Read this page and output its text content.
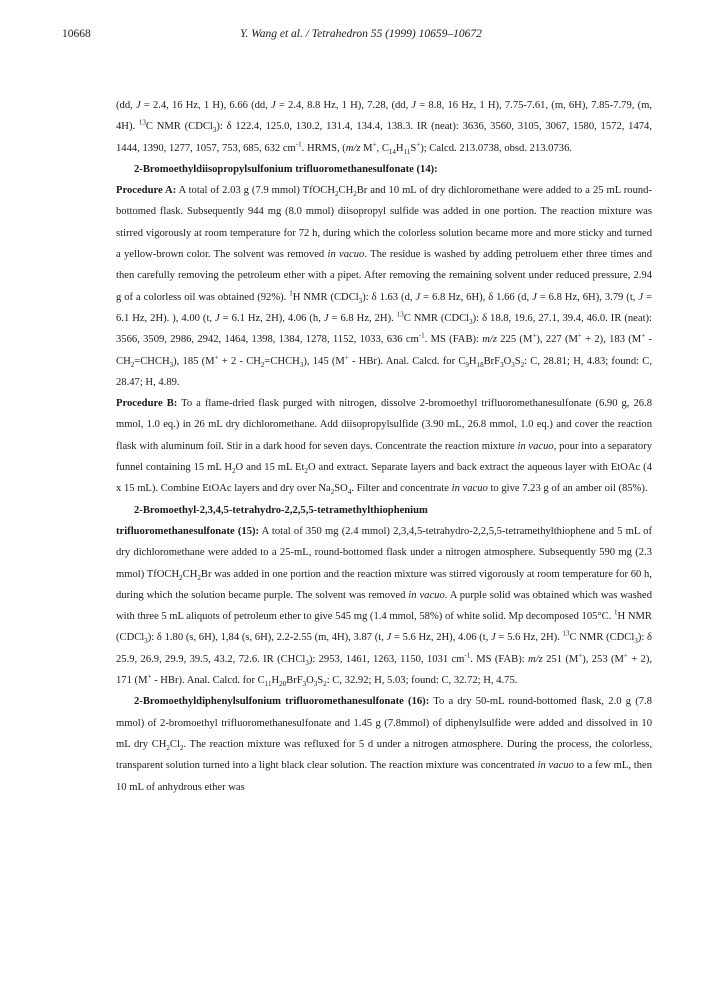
10668	Y. Wang et al. / Tetrahedron 55 (1999) 10659–10672

(dd, J = 2.4, 16 Hz, 1 H), 6.66 (dd, J = 2.4, 8.8 Hz, 1 H), 7.28, (dd, J = 8.8, 16 Hz, 1 H), 7.75-7.61, (m, 6H), 7.85-7.79, (m, 4H). $^{13}$C NMR (CDCl$_3$): δ 122.4, 125.0, 130.2, 131.4, 134.4, 138.3. IR (neat): 3636, 3560, 3105, 3067, 1580, 1572, 1474, 1444, 1390, 1277, 1057, 753, 685, 632 $cm^{-1}$. HRMS, (m/z M+, $C_{14}H_{11}S^+$); Calcd. 213.0738, obsd. 213.0736.

2-Bromoethyldiisopropylsulfonium trifluoromethanesulfonate (14):

Procedure A: A total of 2.03 g (7.9 mmol) $TfOCH_2CH_2Br$ and 10 mL of dry dichloromethane were added to a 25 mL round-bottomed flask. Subsequently 944 mg (8.0 mmol) diisopropyl sulfide was added in one portion. The reaction mixture was stirred vigorously at room temperature for 72 h, during which the colorless solution became more and more sticky and turned a yellow-brown color. The solvent was removed in vacuo. The residue is washed by adding petroluem ether three times and then carefully removing the petroleum ether with a pipet. After removing the remaining solvent under reduced pressure, 2.94 g of a colorless oil was obtained (92%). $^1$H NMR (CDCl$_3$): δ 1.63 (d, J = 6.8 Hz, 6H), δ 1.66 (d, J = 6.8 Hz, 6H), 3.79 (t, J = 6.1 Hz, 2H). ), 4.00 (t, J = 6.1 Hz, 2H), 4.06 (h, J = 6.8 Hz, 2H). $^{13}$C NMR (CDCl$_3$): δ 18.8, 19.6, 27.1, 39.4, 46.0. IR (neat): 3566, 3509, 2986, 2942, 1464, 1398, 1384, 1278, 1152, 1033, 636 $cm^{-1}$. MS (FAB): m/z 225 (M+), 227 (M+ + 2), 183 $(M^+ - CH_2=CHCH_3)$, 185 $(M^+ + 2 - CH_2=CHCH_3)$, 145 (M+ - HBr). Anal. Calcd. for $C_9H_{18}BrF_3O_3S_2$: C, 28.81; H, 4.83; found: C, 28.47; H, 4.89.

Procedure B: To a flame-dried flask purged with nitrogen, dissolve 2-bromoethyl trifluoromethanesulfonate (6.90 g, 26.8 mmol, 1.0 eq.) in 26 mL dry dichloromethane. Add diisopropylsulfide (3.90 mL, 26.8 mmol, 1.0 eq.) and cover the reaction flask with aluminum foil. Stir in a dark hood for seven days. Concentrate the reaction mixture in vacuo, pour into a separatory funnel containing 15 mL $H_2O$ and 15 mL $Et_2O$ and extract. Separate layers and back extract the aqueous layer with EtOAc (4 x 15 mL). Combine EtOAc layers and dry over $Na_2SO_4$. Filter and concentrate in vacuo to give 7.23 g of an amber oil (85%).

2-Bromoethyl-2,3,4,5-tetrahydro-2,2,5,5-tetramethylthiophenium

trifluoromethanesulfonate (15): A total of 350 mg (2.4 mmol) 2,3,4,5-tetrahydro-2,2,5,5-tetramethylthiophene and 5 mL of dry dichloromethane were added to a 25-mL, round-bottomed flask under a nitrogen atmosphere. Subsequently 590 mg (2.3 mmol) $TfOCH_2CH_2Br$ was added in one portion and the reaction mixture was stirred vigorously at room temperature for 60 h, during which the solution became purple. The solvent was removed in vacuo. A purple solid was obtained which was washed with three 5 mL aliquots of petroleum ether to give 545 mg (1.4 mmol, 58%) of white solid. Mp decomposed 105°C. $^1$H NMR (CDCl$_3$): δ 1.80 (s, 6H), 1,84 (s, 6H), 2.2-2.55 (m, 4H), 3.87 (t, J = 5.6 Hz, 2H), 4.06 (t, J = 5.6 Hz, 2H). $^{13}$C NMR (CDCl$_3$): δ 25.9, 26.9, 29.9, 39.5, 43.2, 72.6. IR (CHCl$_3$): 2953, 1461, 1263, 1150, 1031 $cm^{-1}$. MS (FAB): m/z 251 (M+), 253 (M+ + 2), 171 (M+ - HBr). Anal. Calcd. for $C_{11}H_{20}BrF_3O_3S_2$: C, 32.92; H, 5.03; found: C, 32.72; H, 4.75.

2-Bromoethyldiphenylsulfonium trifluoromethanesulfonate (16): To a dry 50-mL round-bottomed flask, 2.0 g (7.8 mmol) of 2-bromoethyl trifluoromethanesulfonate and 1.45 g (7.8mmol) of diphenylsulfide were added and dissolved in 10 mL dry $CH_2Cl_2$. The reaction mixture was refluxed for 5 d under a nitrogen atmosphere. During the process, the colorless, transparent solution turned into a light black clear solution. The reaction mixture was concentrated in vacuo to a few mL, then 10 mL of anhydrous ether was
